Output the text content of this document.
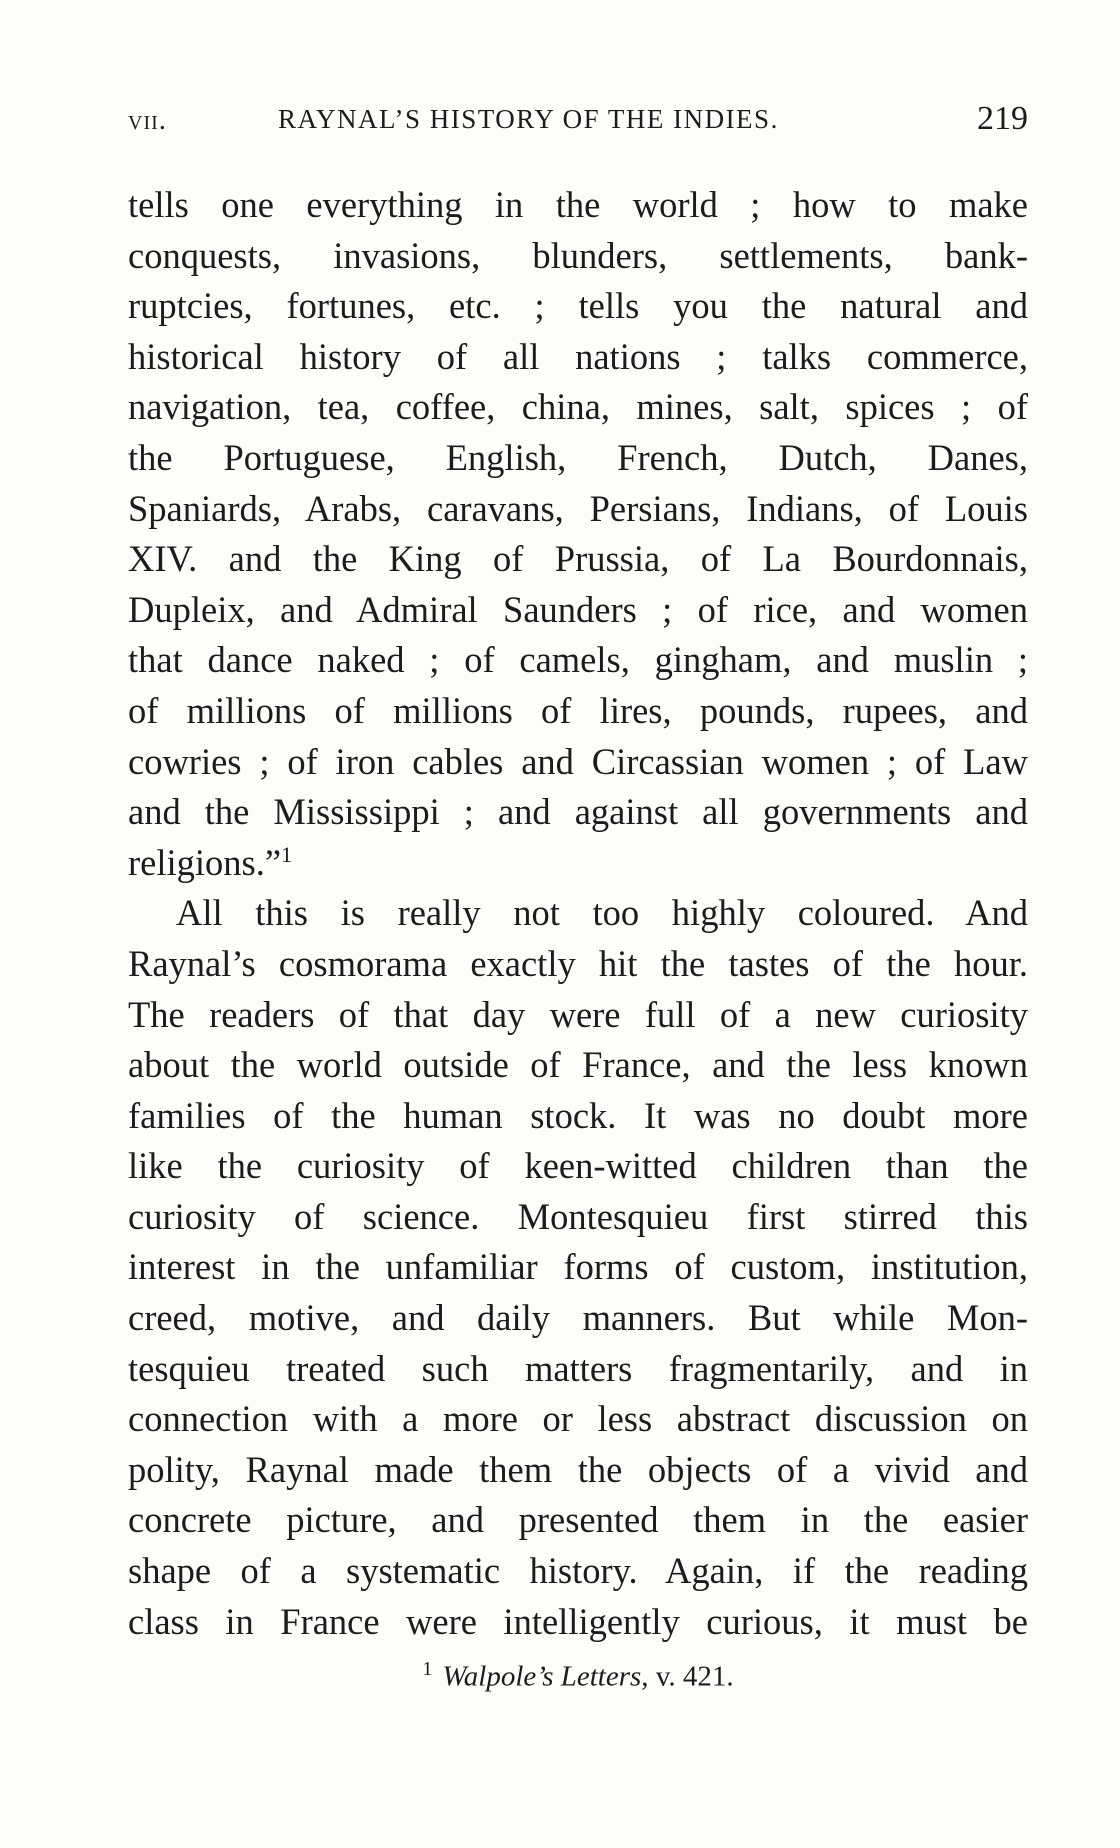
vii.	RAYNAL’S HISTORY OF THE INDIES.	219
tells one everything in the world ; how to make
conquests, invasions, blunders, settlements, bank-
ruptcies, fortunes, etc. ; tells you the natural and
historical history of all nations ; talks commerce,
navigation, tea, coffee, china, mines, salt, spices ; of
the Portuguese, English, French, Dutch, Danes,
Spaniards, Arabs, caravans, Persians, Indians, of Louis
XIV. and the King of Prussia, of La Bourdonnais,
Dupleix, and Admiral Saunders ; of rice, and women
that dance naked ; of camels, gingham, and muslin ;
of millions of millions of lires, pounds, rupees, and
cowries ; of iron cables and Circassian women ; of Law
and the Mississippi ; and against all governments and
religions.”$^1$
All this is really not too highly coloured. And
Raynal’s cosmorama exactly hit the tastes of the hour.
The readers of that day were full of a new curiosity
about the world outside of France, and the less known
families of the human stock. It was no doubt more
like the curiosity of keen-witted children than the
curiosity of science. Montesquieu first stirred this
interest in the unfamiliar forms of custom, institution,
creed, motive, and daily manners. But while Mon-
tesquieu treated such matters fragmentarily, and in
connection with a more or less abstract discussion on
polity, Raynal made them the objects of a vivid and
concrete picture, and presented them in the easier
shape of a systematic history. Again, if the reading
class in France were intelligently curious, it must be
$^1$ Walpole’s Letters, v. 421.
